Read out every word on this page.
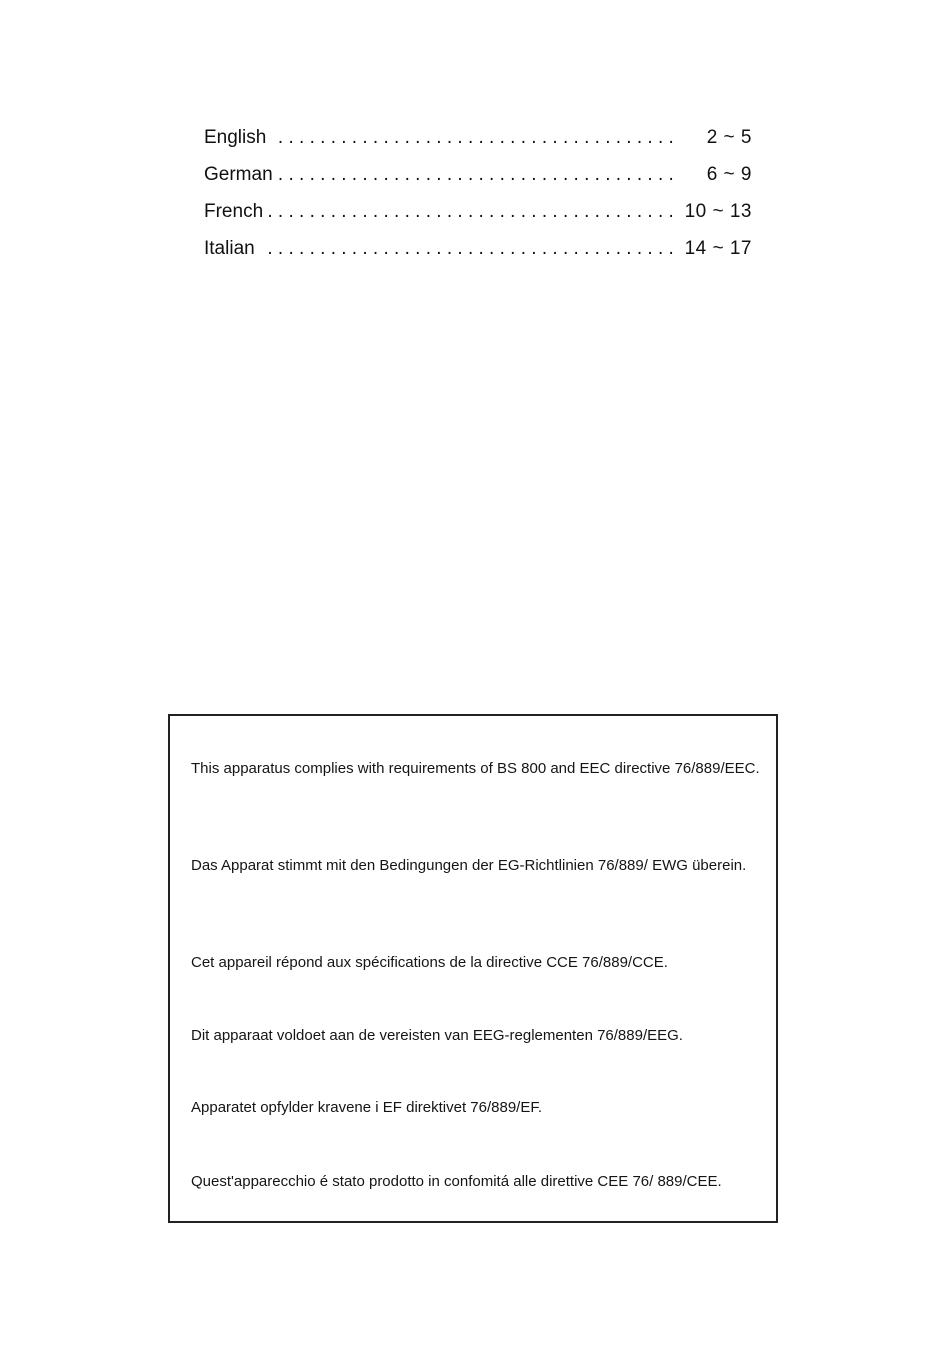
. . .
English	2 ~ 5
. . .
German	6 ~ 9
. . .
French	10 ~ 13
. . .
Italian	14 ~ 17

This apparatus complies with requirements of BS 800 and EEC directive 76/889/EEC.

Das Apparat stimmt mit den Bedingungen der EG-Richtlinien 76/889/ EWG überein.

Cet appareil répond aux spécifications de la directive CCE 76/889/CCE.

Dit apparaat voldoet aan de vereisten van EEG-reglementen 76/889/EEG.

Apparatet opfylder kravene i EF direktivet 76/889/EF.

Quest'apparecchio é stato prodotto in confomitá alle direttive CEE 76/ 889/CEE.
